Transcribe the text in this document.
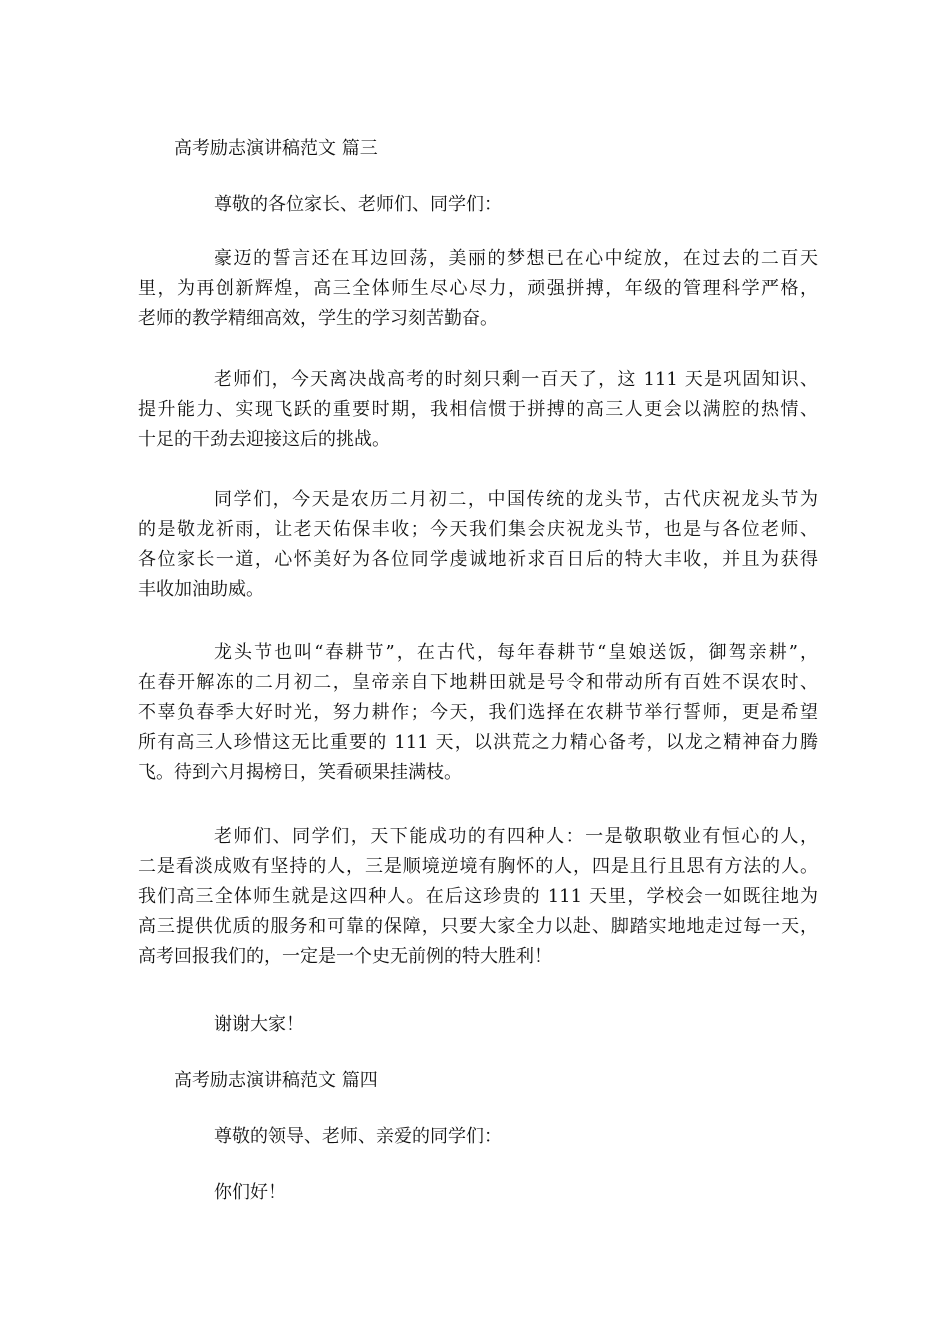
高考励志演讲稿范文 篇三

尊敬的各位家长、老师们、同学们：

豪迈的誓言还在耳边回荡，美丽的梦想已在心中绽放，在过去的二百天
里，为再创新辉煌，高三全体师生尽心尽力，顽强拼搏，年级的管理科学严格，
老师的教学精细高效，学生的学习刻苦勤奋。
老师们，今天离决战高考的时刻只剩一百天了，这 111 天是巩固知识、
提升能力、实现飞跃的重要时期，我相信惯于拼搏的高三人更会以满腔的热情、
十足的干劲去迎接这后的挑战。
同学们，今天是农历二月初二，中国传统的龙头节，古代庆祝龙头节为
的是敬龙祈雨，让老天佑保丰收；今天我们集会庆祝龙头节，也是与各位老师、
各位家长一道，心怀美好为各位同学虔诚地祈求百日后的特大丰收，并且为获得
丰收加油助威。
龙头节也叫“春耕节”，在古代，每年春耕节“皇娘送饭，御驾亲耕”，
在春开解冻的二月初二，皇帝亲自下地耕田就是号令和带动所有百姓不误农时、
不辜负春季大好时光，努力耕作；今天，我们选择在农耕节举行誓师，更是希望
所有高三人珍惜这无比重要的 111 天，以洪荒之力精心备考，以龙之精神奋力腾
飞。待到六月揭榜日，笑看硕果挂满枝。
老师们、同学们，天下能成功的有四种人：一是敬职敬业有恒心的人，
二是看淡成败有坚持的人，三是顺境逆境有胸怀的人，四是且行且思有方法的人。
我们高三全体师生就是这四种人。在后这珍贵的 111 天里，学校会一如既往地为
高三提供优质的服务和可靠的保障，只要大家全力以赴、脚踏实地地走过每一天，
高考回报我们的，一定是一个史无前例的特大胜利！

谢谢大家！

高考励志演讲稿范文 篇四

尊敬的领导、老师、亲爱的同学们：

你们好！
